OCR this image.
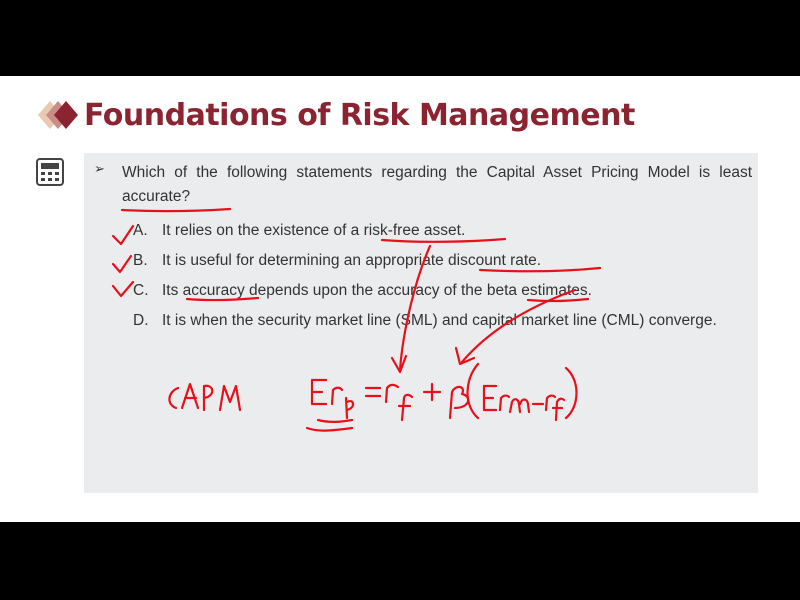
Foundations of Risk Management
➢ Which of the following statements regarding the Capital Asset Pricing Model is least accurate?
A. It relies on the existence of a risk-free asset.
B. It is useful for determining an appropriate discount rate.
C. Its accuracy depends upon the accuracy of the beta estimates.
D. It is when the security market line (SML) and capital market line (CML) converge.
